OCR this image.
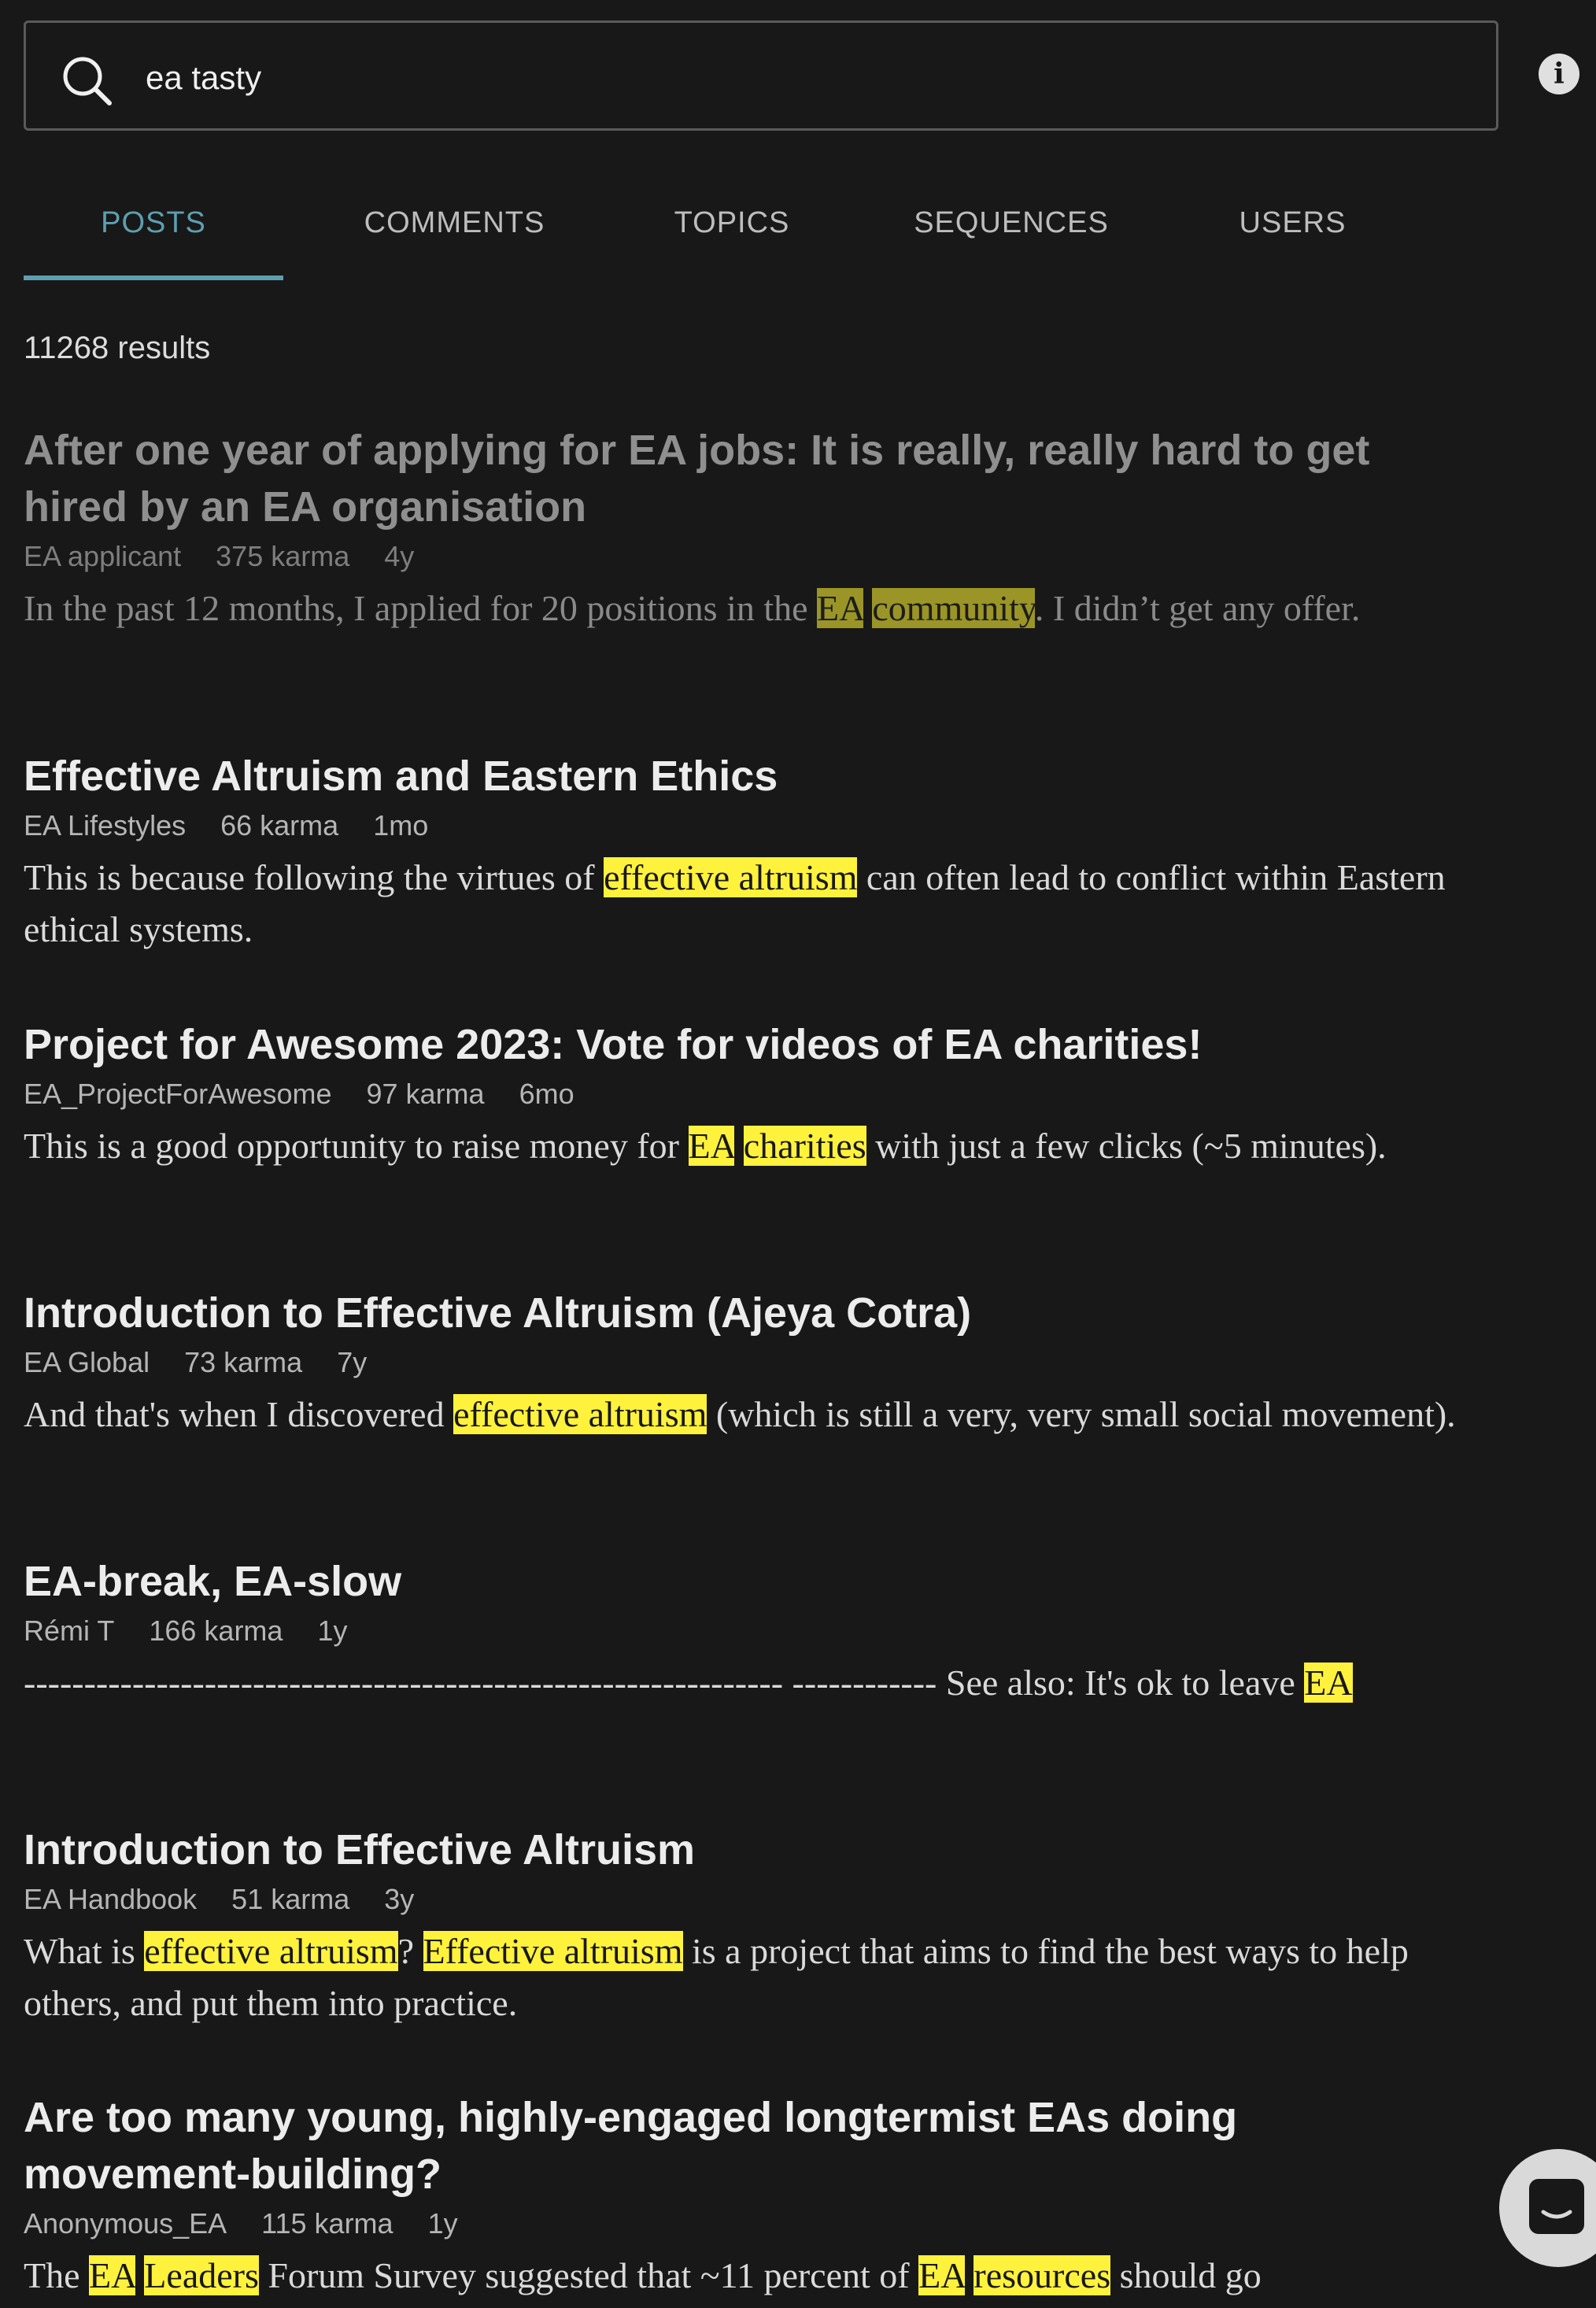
ea tasty
i
POSTS	COMMENTS	TOPICS	SEQUENCES	USERS
11268 results
After one year of applying for EA jobs: It is really, really hard to get hired by an EA organisation
EA applicant 375 karma 4y
In the past 12 months, I applied for 20 positions in the EA community. I didn’t get any offer.
Effective Altruism and Eastern Ethics
EA Lifestyles 66 karma 1mo
This is because following the virtues of effective altruism can often lead to conflict within Eastern ethical systems.
Project for Awesome 2023: Vote for videos of EA charities!
EA_ProjectForAwesome 97 karma 6mo
This is a good opportunity to raise money for EA charities with just a few clicks (~5 minutes).
Introduction to Effective Altruism (Ajeya Cotra)
EA Global 73 karma 7y
And that's when I discovered effective altruism (which is still a very, very small social movement).
EA-break, EA-slow
Rémi T 166 karma 1y
--------------------------------------------------------------- ------------ See also: It's ok to leave EA
Introduction to Effective Altruism
EA Handbook 51 karma 3y
What is effective altruism? Effective altruism is a project that aims to find the best ways to help others, and put them into practice.
Are too many young, highly-engaged longtermist EAs doing movement-building?
Anonymous_EA 115 karma 1y
The EA Leaders Forum Survey suggested that ~11 percent of EA resources should go
